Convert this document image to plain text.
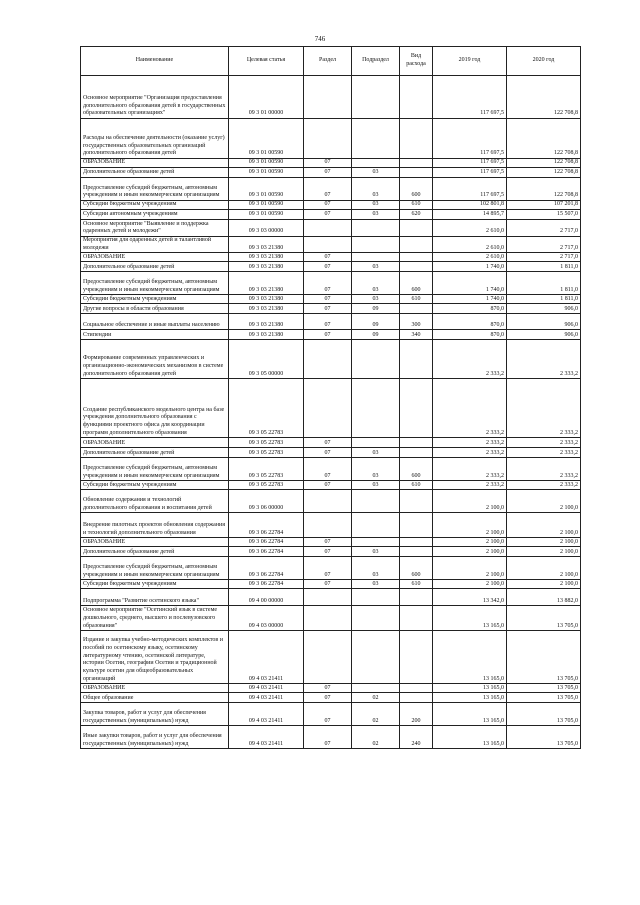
746
Наименование	Целевая статья	Раздел	Подраздел	Вид расхода	2019 год	2020 год
Основное мероприятие "Организация предоставления дополнительного образования детей в государственных образовательных организациях"	09 3 01 00000				117 697,5	122 708,8
Расходы на обеспечение деятельности (оказание услуг) государственных образовательных организаций дополнительного образования детей	09 3 01 00590				117 697,5	122 708,8
ОБРАЗОВАНИЕ	09 3 01 00590	07			117 697,5	122 708,8
Дополнительное образование детей	09 3 01 00590	07	03		117 697,5	122 708,8
Предоставление субсидий бюджетным, автономным учреждениям и иным некоммерческим организациям	09 3 01 00590	07	03	600	117 697,5	122 708,8
Субсидии бюджетным учреждениям	09 3 01 00590	07	03	610	102 801,8	107 201,8
Субсидии автономным учреждениям	09 3 01 00590	07	03	620	14 895,7	15 507,0
Основное мероприятие "Выявление и поддержка одаренных детей и молодежи"	09 3 03 00000				2 610,0	2 717,0
Мероприятия для одаренных детей и талантливой молодежи	09 3 03 21380				2 610,0	2 717,0
ОБРАЗОВАНИЕ	09 3 03 21380	07			2 610,0	2 717,0
Дополнительное образование детей	09 3 03 21380	07	03		1 740,0	1 811,0
Предоставление субсидий бюджетным, автономным учреждениям и иным некоммерческим организациям	09 3 03 21380	07	03	600	1 740,0	1 811,0
Субсидии бюджетным учреждениям	09 3 03 21380	07	03	610	1 740,0	1 811,0
Другие вопросы в области образования	09 3 03 21380	07	09		870,0	906,0
Социальное обеспечение и иные выплаты населению	09 3 03 21380	07	09	300	870,0	906,0
Стипендии	09 3 03 21380	07	09	340	870,0	906,0
Формирование современных управленческих и организационно-экономических механизмов в системе дополнительного образования детей	09 3 05 00000				2 333,2	2 333,2
Создание республиканского модельного центра на базе учреждения дополнительного образования с функциями проектного офиса для координации программ дополнительного образования	09 3 05 22783				2 333,2	2 333,2
ОБРАЗОВАНИЕ	09 3 05 22783	07			2 333,2	2 333,2
Дополнительное образование детей	09 3 05 22783	07	03		2 333,2	2 333,2
Предоставление субсидий бюджетным, автономным учреждениям и иным некоммерческим организациям	09 3 05 22783	07	03	600	2 333,2	2 333,2
Субсидии бюджетным учреждениям	09 3 05 22783	07	03	610	2 333,2	2 333,2
Обновление содержания и технологий дополнительного образования и воспитания детей	09 3 06 00000				2 100,0	2 100,0
Внедрение пилотных проектов обновления содержания и технологий дополнительного образования	09 3 06 22784				2 100,0	2 100,0
ОБРАЗОВАНИЕ	09 3 06 22784	07			2 100,0	2 100,0
Дополнительное образование детей	09 3 06 22784	07	03		2 100,0	2 100,0
Предоставление субсидий бюджетным, автономным учреждениям и иным некоммерческим организациям	09 3 06 22784	07	03	600	2 100,0	2 100,0
Субсидии бюджетным учреждениям	09 3 06 22784	07	03	610	2 100,0	2 100,0
Подпрограмма "Развитие осетинского языка"	09 4 00 00000				13 342,0	13 882,0
Основное мероприятие "Осетинский язык в системе дошкольного, среднего, высшего и послевузовского образования"	09 4 03 00000				13 165,0	13 705,0
Издание и закупка учебно-методических комплектов и пособий по осетинскому языку, осетинскому литературному чтению, осетинской литературе, истории Осетии, географии Осетии и традиционной культуре осетин для общеобразовательных организаций	09 4 03 21411				13 165,0	13 705,0
ОБРАЗОВАНИЕ	09 4 03 21411	07			13 165,0	13 705,0
Общее образование	09 4 03 21411	07	02		13 165,0	13 705,0
Закупка товаров, работ и услуг для обеспечения государственных (муниципальных) нужд	09 4 03 21411	07	02	200	13 165,0	13 705,0
Иные закупки товаров, работ и услуг для обеспечения государственных (муниципальных) нужд	09 4 03 21411	07	02	240	13 165,0	13 705,0
